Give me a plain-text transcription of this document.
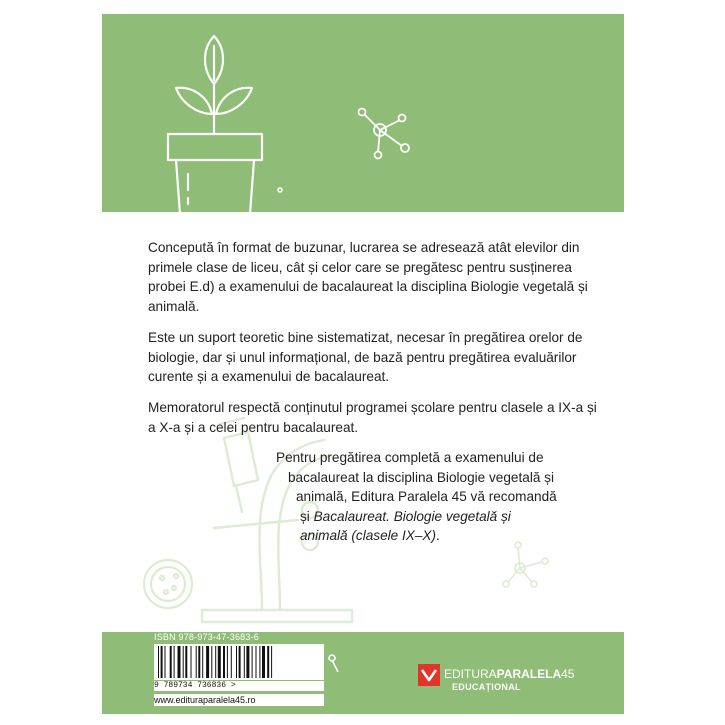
Concepută în format de buzunar, lucrarea se adresează atât elevilor din primele clase de liceu, cât și celor care se pregătesc pentru susținerea probei E.d) a examenului de bacalaureat la disciplina Biologie vegetală și animală.

Este un suport teoretic bine sistematizat, necesar în pregătirea orelor de biologie, dar și unul informațional, de bază pentru pregătirea evaluărilor curente și a examenului de bacalaureat.

Memoratorul respectă conținutul programei școlare pentru clasele a IX-a și a X-a și a celei pentru bacalaureat.

Pentru pregătirea completă a examenului de
bacalaureat la disciplina Biologie vegetală și
animală, Editura Paralela 45 vă recomandă
și Bacalaureat. Biologie vegetală și
animală (clasele IX–X).

ISBN 978-973-47-3683-6
9 789734 736836 >
www.edituraparalela45.ro
EDITURAPARALELA45
EDUCAȚIONAL
